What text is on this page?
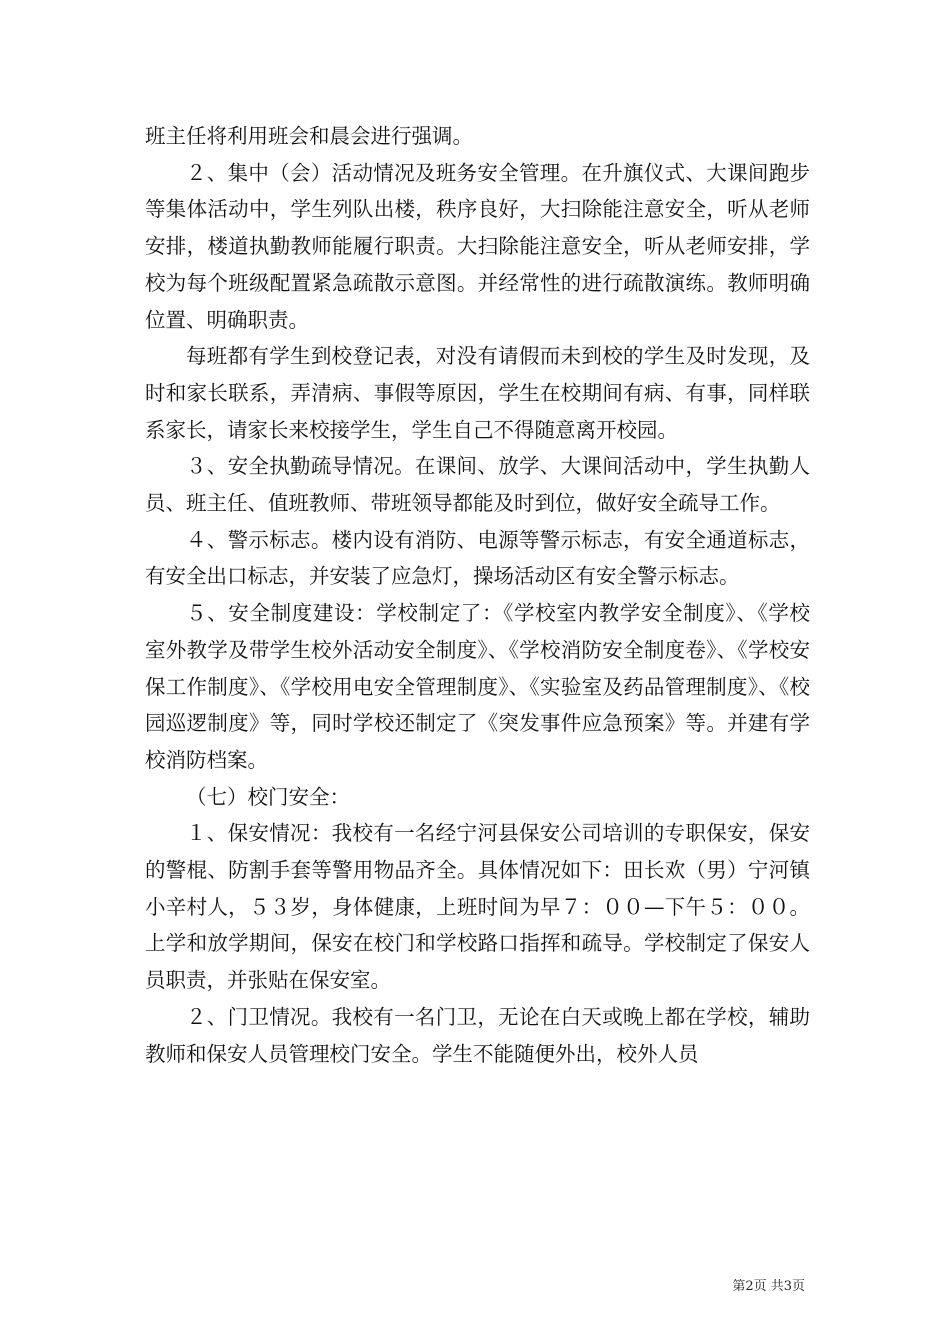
班主任将利用班会和晨会进行强调。

２、集中（会）活动情况及班务安全管理。在升旗仪式、大课间跑步等集体活动中，学生列队出楼，秩序良好，大扫除能注意安全，听从老师安排，楼道执勤教师能履行职责。大扫除能注意安全，听从老师安排，学校为每个班级配置紧急疏散示意图。并经常性的进行疏散演练。教师明确位置、明确职责。

每班都有学生到校登记表，对没有请假而未到校的学生及时发现，及时和家长联系，弄清病、事假等原因，学生在校期间有病、有事，同样联系家长，请家长来校接学生，学生自己不得随意离开校园。

３、安全执勤疏导情况。在课间、放学、大课间活动中，学生执勤人员、班主任、值班教师、带班领导都能及时到位，做好安全疏导工作。

４、警示标志。楼内设有消防、电源等警示标志，有安全通道标志，有安全出口标志，并安装了应急灯，操场活动区有安全警示标志。

５、安全制度建设：学校制定了：《学校室内教学安全制度》、《学校室外教学及带学生校外活动安全制度》、《学校消防安全制度卷》、《学校安保工作制度》、《学校用电安全管理制度》、《实验室及药品管理制度》、《校园巡逻制度》等，同时学校还制定了《突发事件应急预案》等。并建有学校消防档案。

（七）校门安全：

１、保安情况：我校有一名经宁河县保安公司培训的专职保安，保安的警棍、防割手套等警用物品齐全。具体情况如下：田长欢（男）宁河镇小辛村人，５３岁，身体健康，上班时间为早７：００—下午５：００。上学和放学期间，保安在校门和学校路口指挥和疏导。学校制定了保安人员职责，并张贴在保安室。

２、门卫情况。我校有一名门卫，无论在白天或晚上都在学校，辅助教师和保安人员管理校门安全。学生不能随便外出，校外人员

第2页 共3页
